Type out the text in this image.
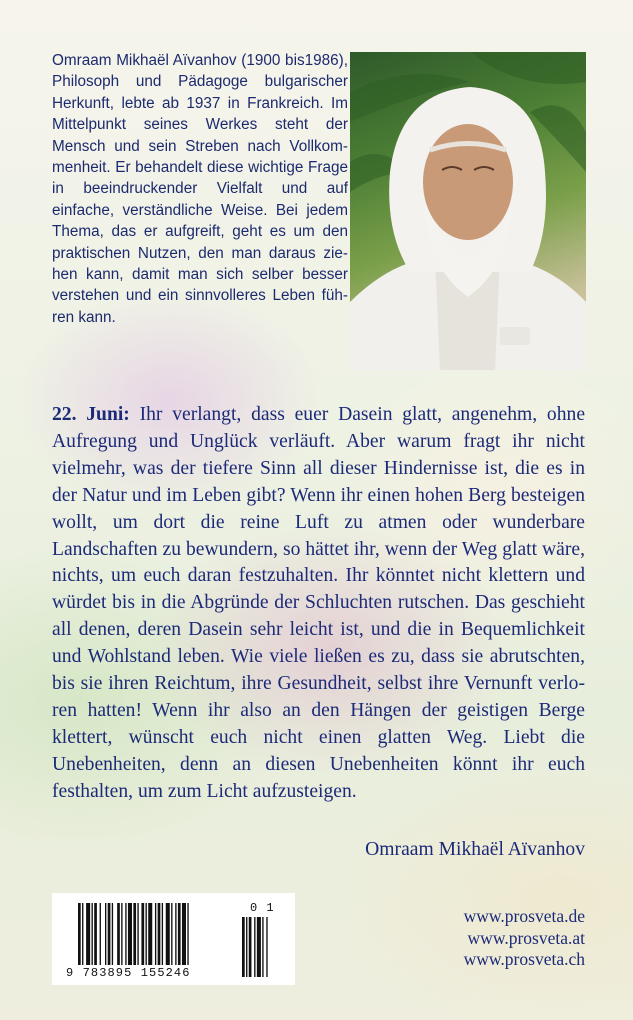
Omraam Mikhaël Aïvanhov (1900 bis1986), Philosoph und Pädagoge bulgarischer Herkunft, lebte ab 1937 in Frankreich. Im Mittelpunkt seines Werkes steht der Mensch und sein Streben nach Vollkom-menheit. Er behandelt diese wichtige Frage in beeindruckender Vielfalt und auf einfache, verständliche Weise. Bei jedem Thema, das er aufgreift, geht es um den praktischen Nutzen, den man daraus zie-hen kann, damit man sich selber besser verstehen und ein sinnvolleres Leben füh-ren kann.

22. Juni: Ihr verlangt, dass euer Dasein glatt, angenehm, ohne Aufregung und Unglück verläuft. Aber warum fragt ihr nicht vielmehr, was der tiefere Sinn all dieser Hindernisse ist, die es in der Natur und im Leben gibt? Wenn ihr einen hohen Berg besteigen wollt, um dort die reine Luft zu atmen oder wunderbare Landschaften zu bewundern, so hättet ihr, wenn der Weg glatt wäre, nichts, um euch daran festzuhalten. Ihr könntet nicht klettern und würdet bis in die Abgründe der Schluchten rutschen. Das geschieht all denen, deren Dasein sehr leicht ist, und die in Bequemlichkeit und Wohlstand leben. Wie viele ließen es zu, dass sie abrutschten, bis sie ihren Reichtum, ihre Gesundheit, selbst ihre Vernunft verloren hatten! Wenn ihr also an den Hängen der geistigen Berge klettert, wünscht euch nicht einen glatten Weg. Liebt die Unebenheiten, denn an diesen Unebenheiten könnt ihr euch festhalten, um zum Licht aufzusteigen.

Omraam Mikhaël Aïvanhov
9 783895 155246
0 1	www.prosveta.de
www.prosveta.at
www.prosveta.ch
